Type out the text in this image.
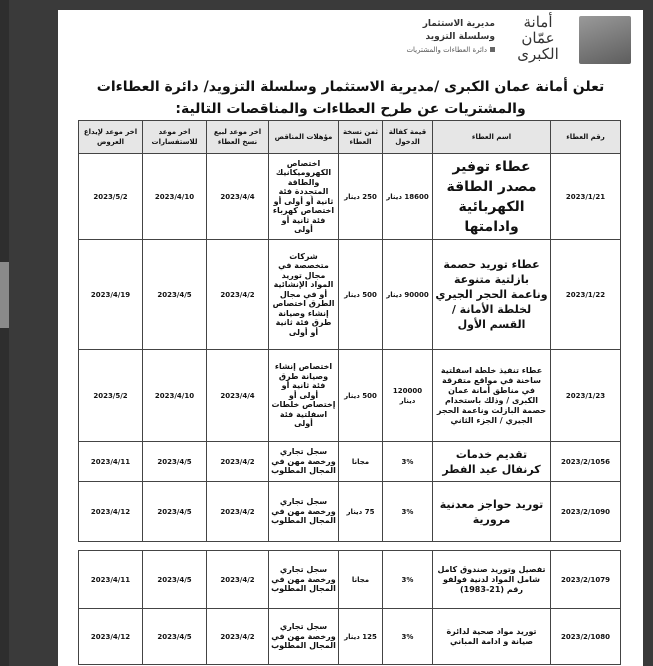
أمانة
عمّان
الكبرى
مديرية الاستثمار
وسلسلة التزويد
دائرة العطاءات والمشتريات
تعلن أمانة عمان الكبرى /مديرية الاستثمار وسلسلة التزويد/ دائرة العطاءات والمشتريات عن طرح العطاءات والمناقصات التالية:
رقم العطاء	اسم العطاء	قيمة كفالة الدخول	ثمن نسخة العطاء	مؤهلات المناقص	اخر موعد لبيع نسخ العطاء	اخر موعد للاستفسارات	اخر موعد لإيداع العروض
2023/1/21	عطاء توفير مصدر الطاقة الكهربائية وادامتها	18600 دينار	250 دينار	اختصاص الكهروميكانيك والطاقة المتجددة فئة ثانية أو أولى أو اختصاص كهرباء فئة ثانية أو أولى	2023/4/4	2023/4/10	2023/5/2
2023/1/22	عطاء توريد حصمة بازلتية متنوعة وناعمة الحجر الجيري لخلطة الأمانة /القسم الأول	90000 دينار	500 دينار	شركات متخصصة في مجال توريد المواد الإنشائية أو في مجال الطرق اختصاص إنشاء وصيانة طرق فئة ثانية أو أولى	2023/4/2	2023/4/5	2023/4/19
2023/1/23	عطاء تنفيذ خلطة اسفلتية ساخنة في مواقع متفرقة في مناطق أمانة عمان الكبرى / وذلك باستخدام حصمة البازلت وناعمة الحجر الجيري / الجزء الثاني	120000 دينار	500 دينار	اختصاص إنشاء وصيانة طرق فئة ثانية أو أولى أو إختصاص خلطات اسفلتية فئة أولى	2023/4/4	2023/4/10	2023/5/2
2023/2/1056	تقديم خدمات كرنفال عيد الفطر	3%	مجانا	سجل تجاري ورخصة مهن في المجال المطلوب	2023/4/2	2023/4/5	2023/4/11
2023/2/1090	توريد حواجز معدنية مرورية	3%	75 دينار	سجل تجاري ورخصة مهن في المجال المطلوب	2023/4/2	2023/4/5	2023/4/12

2023/2/1079	تفصيل وتوريد صندوق كامل شامل المواد لدنية فولفو رقم (21-1983)	3%	مجانا	سجل تجاري ورخصة مهن في المجال المطلوب	2023/4/2	2023/4/5	2023/4/11
2023/2/1080	توريد مواد صحية لدائرة صيانة و ادامة المباني	3%	125 دينار	سجل تجاري ورخصة مهن في المجال المطلوب	2023/4/2	2023/4/5	2023/4/12
